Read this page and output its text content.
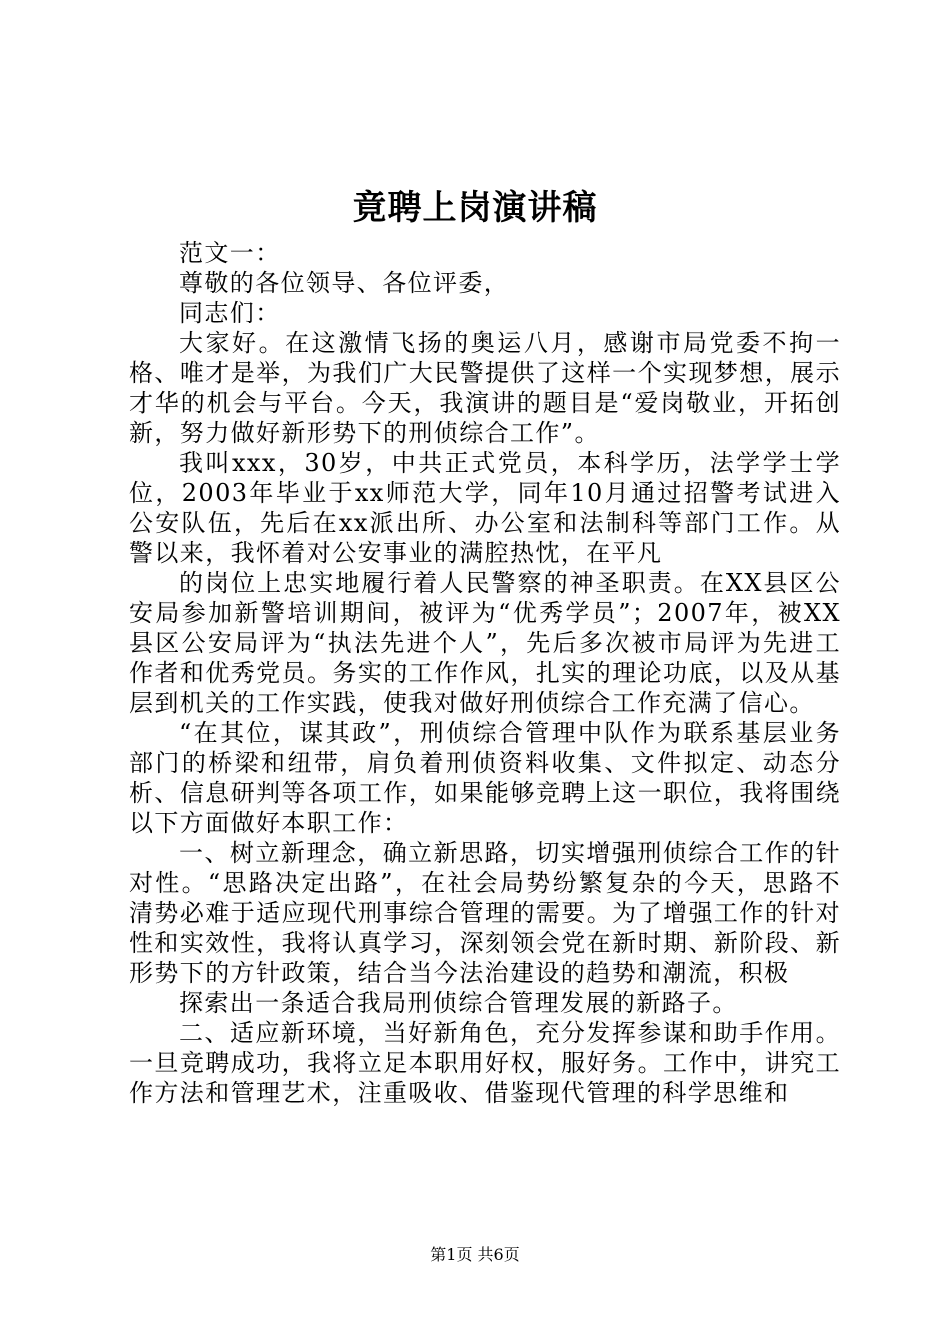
竟聘上岗演讲稿

范文一：

尊敬的各位领导、各位评委，

同志们：

大家好。在这激情飞扬的奥运八月，感谢市局党委不拘一格、唯才是举，为我们广大民警提供了这样一个实现梦想，展示才华的机会与平台。今天，我演讲的题目是“爱岗敬业，开拓创新，努力做好新形势下的刑侦综合工作”。

我叫xxx，30岁，中共正式党员，本科学历，法学学士学位，2003年毕业于xx师范大学，同年10月通过招警考试进入公安队伍，先后在xx派出所、办公室和法制科等部门工作。从警以来，我怀着对公安事业的满腔热忱，在平凡

的岗位上忠实地履行着人民警察的神圣职责。在XX县区公安局参加新警培训期间，被评为“优秀学员”；2007年，被XX县区公安局评为“执法先进个人”，先后多次被市局评为先进工作者和优秀党员。务实的工作作风，扎实的理论功底，以及从基层到机关的工作实践，使我对做好刑侦综合工作充满了信心。

“在其位，谋其政”，刑侦综合管理中队作为联系基层业务部门的桥梁和纽带，肩负着刑侦资料收集、文件拟定、动态分析、信息研判等各项工作，如果能够竞聘上这一职位，我将围绕以下方面做好本职工作：

一、树立新理念，确立新思路，切实增强刑侦综合工作的针对性。“思路决定出路”，在社会局势纷繁复杂的今天，思路不清势必难于适应现代刑事综合管理的需要。为了增强工作的针对性和实效性，我将认真学习，深刻领会党在新时期、新阶段、新形势下的方针政策，结合当今法治建设的趋势和潮流，积极

探索出一条适合我局刑侦综合管理发展的新路子。

二、适应新环境，当好新角色，充分发挥参谋和助手作用。一旦竞聘成功，我将立足本职用好权，服好务。工作中，讲究工作方法和管理艺术，注重吸收、借鉴现代管理的科学思维和

第1页 共6页
